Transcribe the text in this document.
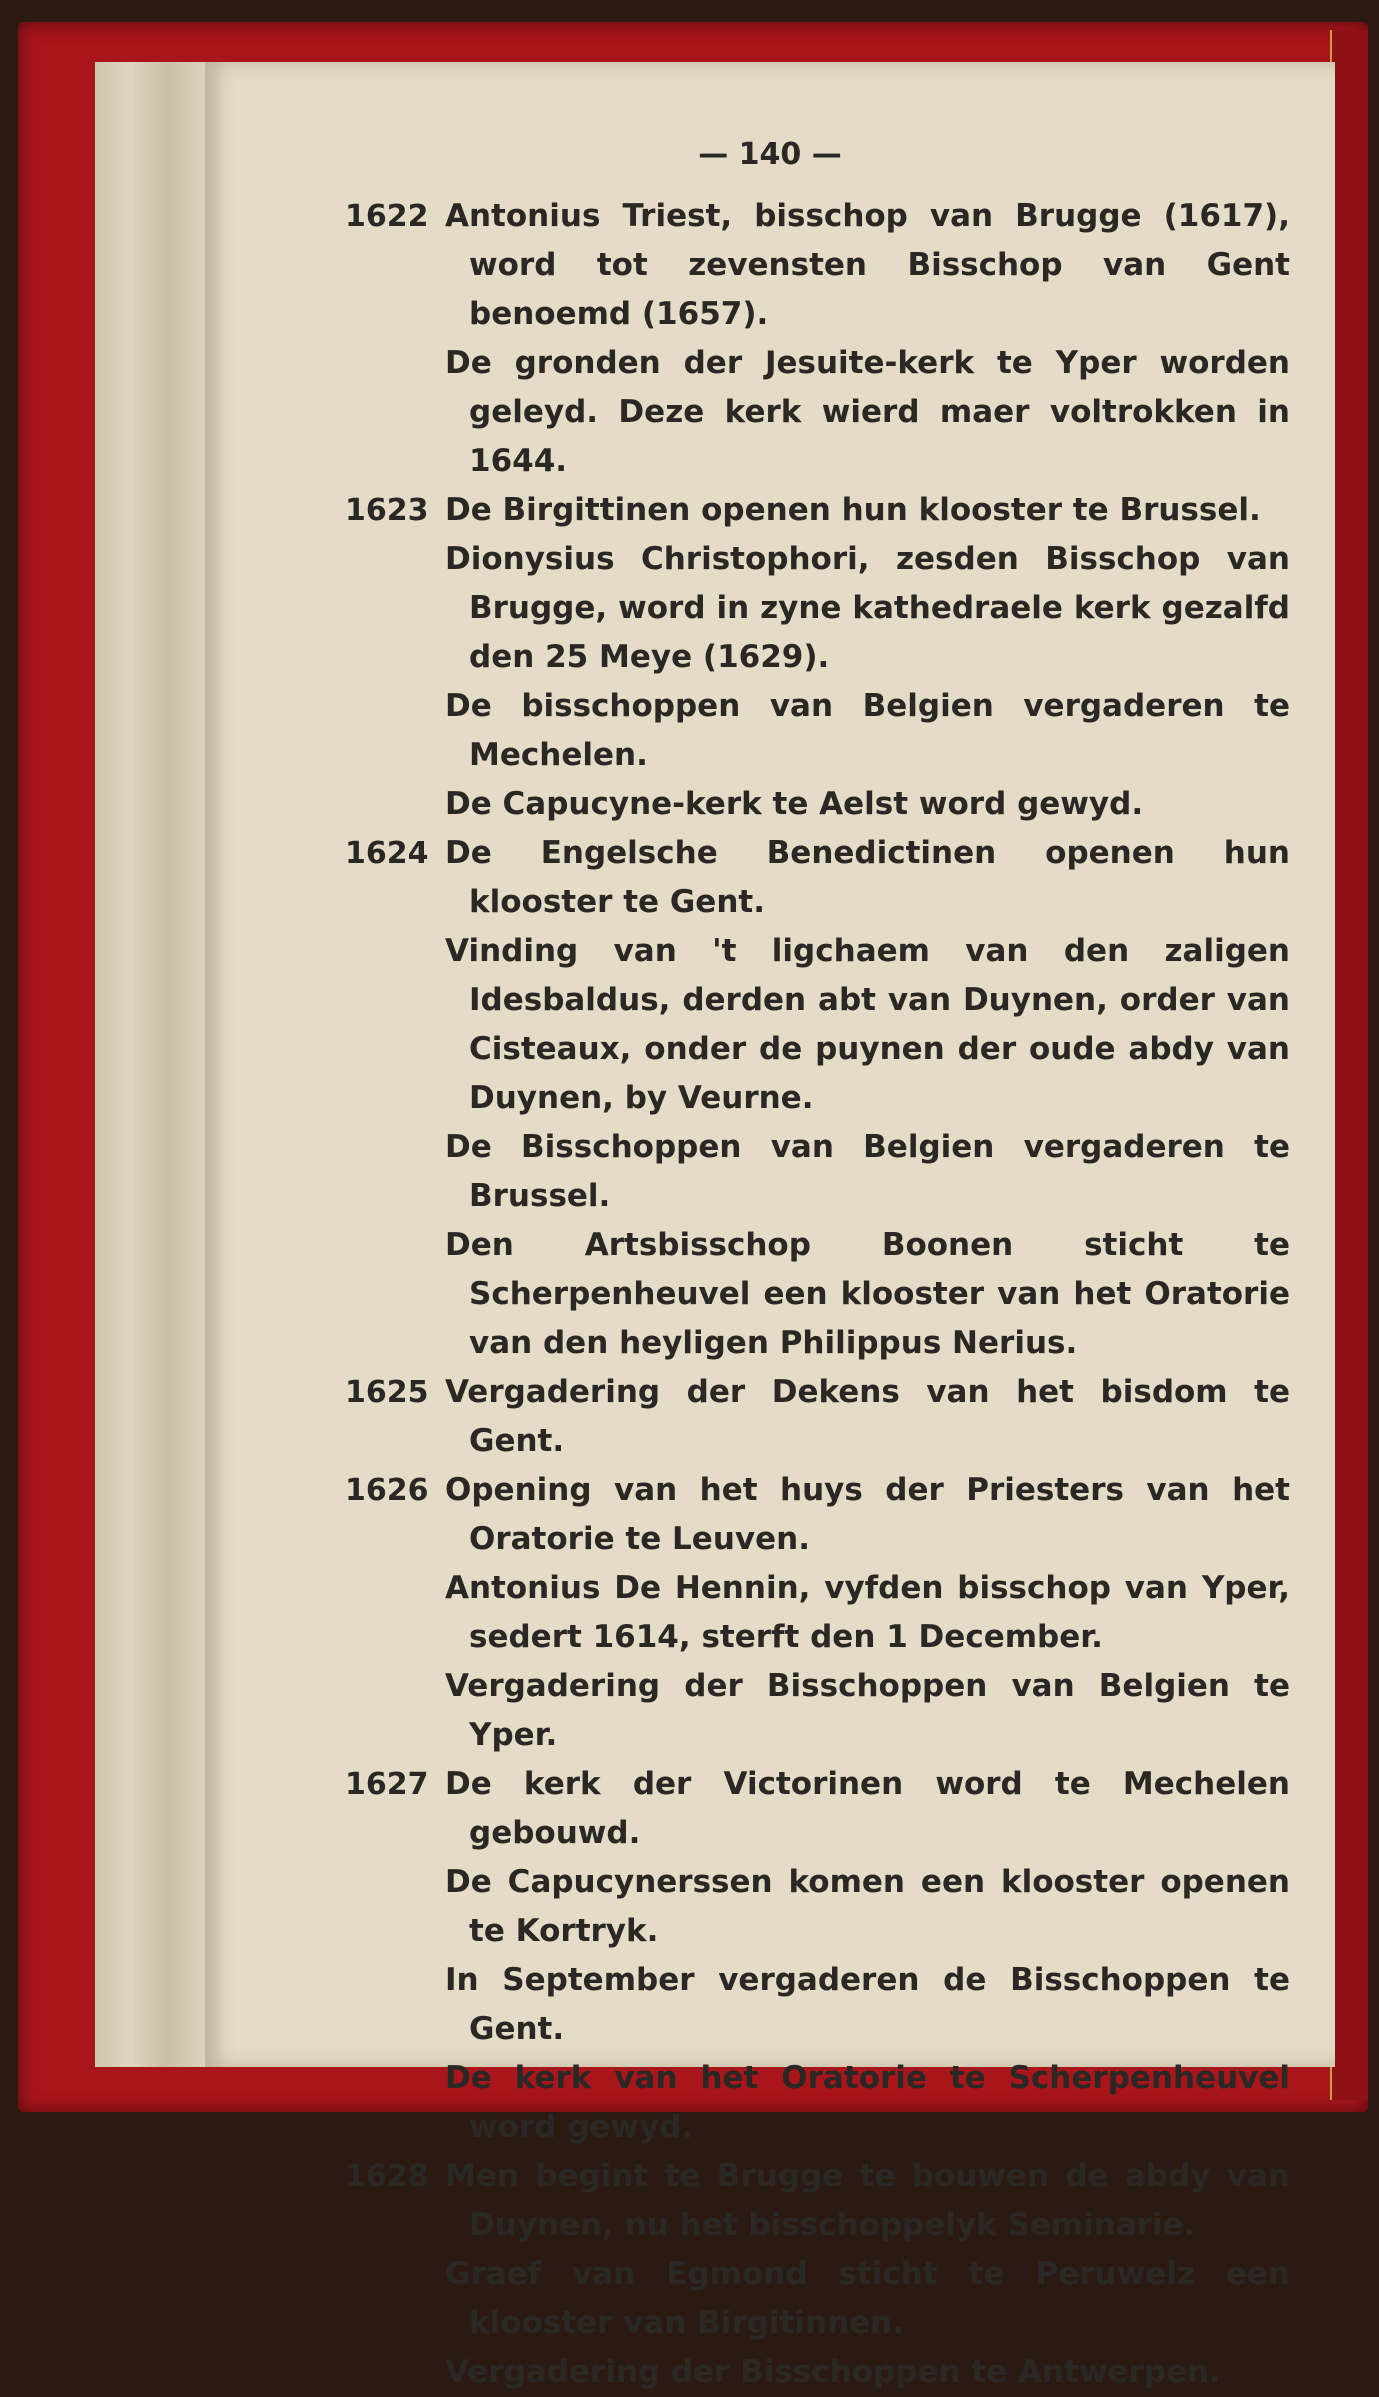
— 140 —
1622 Antonius Triest, bisschop van Brugge (1617), word tot zevensten Bisschop van Gent benoemd (1657).

De gronden der Jesuite-kerk te Yper worden geleyd. Deze kerk wierd maer voltrokken in 1644.

1623 De Birgittinen openen hun klooster te Brussel.

Dionysius Christophori, zesden Bisschop van Brugge, word in zyne kathedraele kerk gezalfd den 25 Meye (1629).

De bisschoppen van Belgien vergaderen te Mechelen.

De Capucyne-kerk te Aelst word gewyd.

1624 De Engelsche Benedictinen openen hun klooster te Gent.

Vinding van 't ligchaem van den zaligen Idesbaldus, derden abt van Duynen, order van Cisteaux, onder de puynen der oude abdy van Duynen, by Veurne.

De Bisschoppen van Belgien vergaderen te Brussel.

Den Artsbisschop Boonen sticht te Scherpenheuvel een klooster van het Oratorie van den heyligen Philippus Nerius.

1625 Vergadering der Dekens van het bisdom te Gent.

1626 Opening van het huys der Priesters van het Oratorie te Leuven.

Antonius De Hennin, vyfden bisschop van Yper, sedert 1614, sterft den 1 December.

Vergadering der Bisschoppen van Belgien te Yper.

1627 De kerk der Victorinen word te Mechelen gebouwd.

De Capucynerssen komen een klooster openen te Kortryk.

In September vergaderen de Bisschoppen te Gent.

De kerk van het Oratorie te Scherpenheuvel word gewyd.

1628 Men begint te Brugge te bouwen de abdy van Duynen, nu het bisschoppelyk Seminarie.

Graef van Egmond sticht te Peruwelz een klooster van Birgitinnen.

Vergadering der Bisschoppen te Antwerpen.
